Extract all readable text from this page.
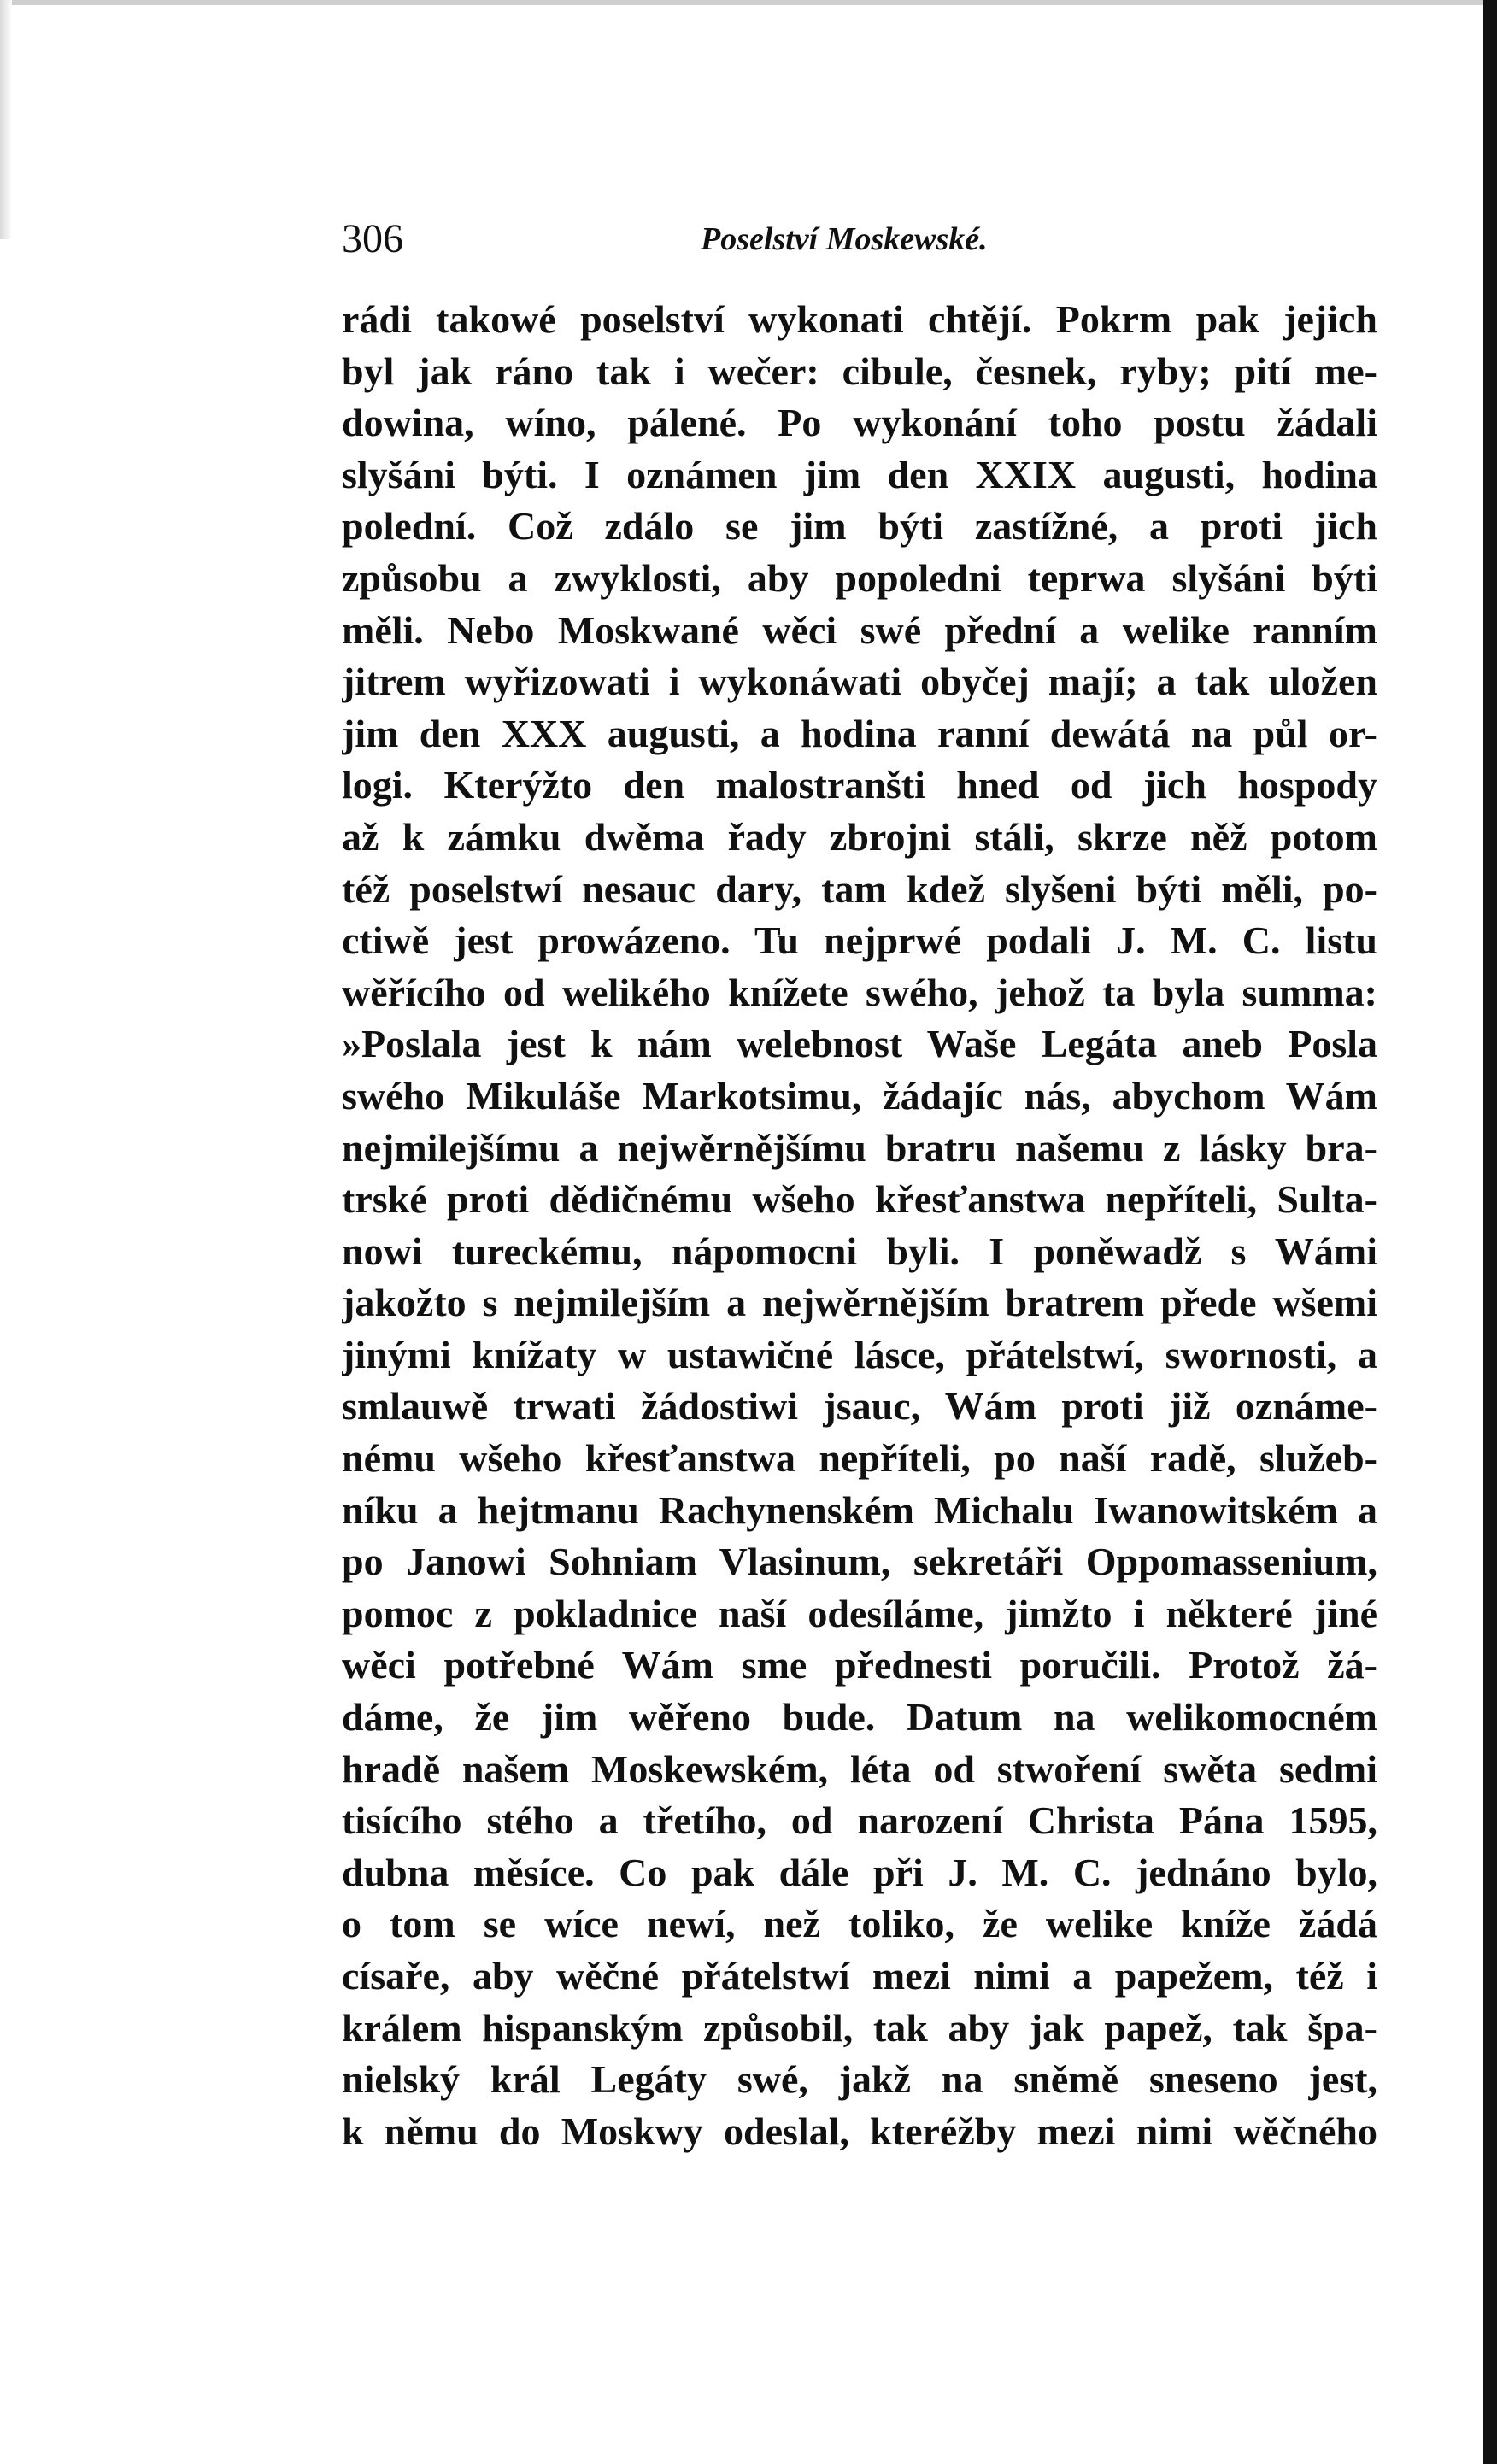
306	Poselství Moskewské.
rádi takowé poselství wykonati chtějí. Pokrm pak jejich
byl jak ráno tak i wečer: cibule, česnek, ryby; pití me-
dowina, wíno, pálené. Po wykonání toho postu žádali
slyšáni býti. I oznámen jim den XXIX augusti, hodina
polední. Což zdálo se jim býti zastížné, a proti jich
způsobu a zwyklosti, aby popoledni teprwa slyšáni býti
měli. Nebo Moskwané wěci swé přední a welike ranním
jitrem wyřizowati i wykonáwati obyčej mají; a tak uložen
jim den XXX augusti, a hodina ranní dewátá na půl or-
logi. Kterýžto den malostranšti hned od jich hospody
až k zámku dwěma řady zbrojni stáli, skrze něž potom
též poselstwí nesauc dary, tam kdež slyšeni býti měli, po-
ctiwě jest prowázeno. Tu nejprwé podali J. M. C. listu
wěřícího od welikého knížete swého, jehož ta byla summa:
»Poslala jest k nám welebnost Waše Legáta aneb Posla
swého Mikuláše Markotsimu, žádajíc nás, abychom Wám
nejmilejšímu a nejwěrnějšímu bratru našemu z lásky bra-
trské proti dědičnému wšeho křesťanstwa nepříteli, Sulta-
nowi tureckému, nápomocni byli. I poněwadž s Wámi
jakožto s nejmilejším a nejwěrnějším bratrem přede wšemi
jinými knížaty w ustawičné lásce, přátelstwí, swornosti, a
smlauwě trwati žádostiwi jsauc, Wám proti již oznáme-
nému wšeho křesťanstwa nepříteli, po naší radě, služeb-
níku a hejtmanu Rachynenském Michalu Iwanowitském a
po Janowi Sohniam Vlasinum, sekretáři Oppomassenium,
pomoc z pokladnice naší odesíláme, jimžto i některé jiné
wěci potřebné Wám sme přednesti poručili. Protož žá-
dáme, že jim wěřeno bude. Datum na welikomocném
hradě našem Moskewském, léta od stwoření swěta sedmi
tisícího stého a třetího, od narození Christa Pána 1595,
dubna měsíce. Co pak dále při J. M. C. jednáno bylo,
o tom se wíce newí, než toliko, že welike kníže žádá
císaře, aby wěčné přátelstwí mezi nimi a papežem, též i
králem hispanským způsobil, tak aby jak papež, tak špa-
nielský král Legáty swé, jakž na sněmě sneseno jest,
k němu do Moskwy odeslal, kteréžby mezi nimi wěčného
